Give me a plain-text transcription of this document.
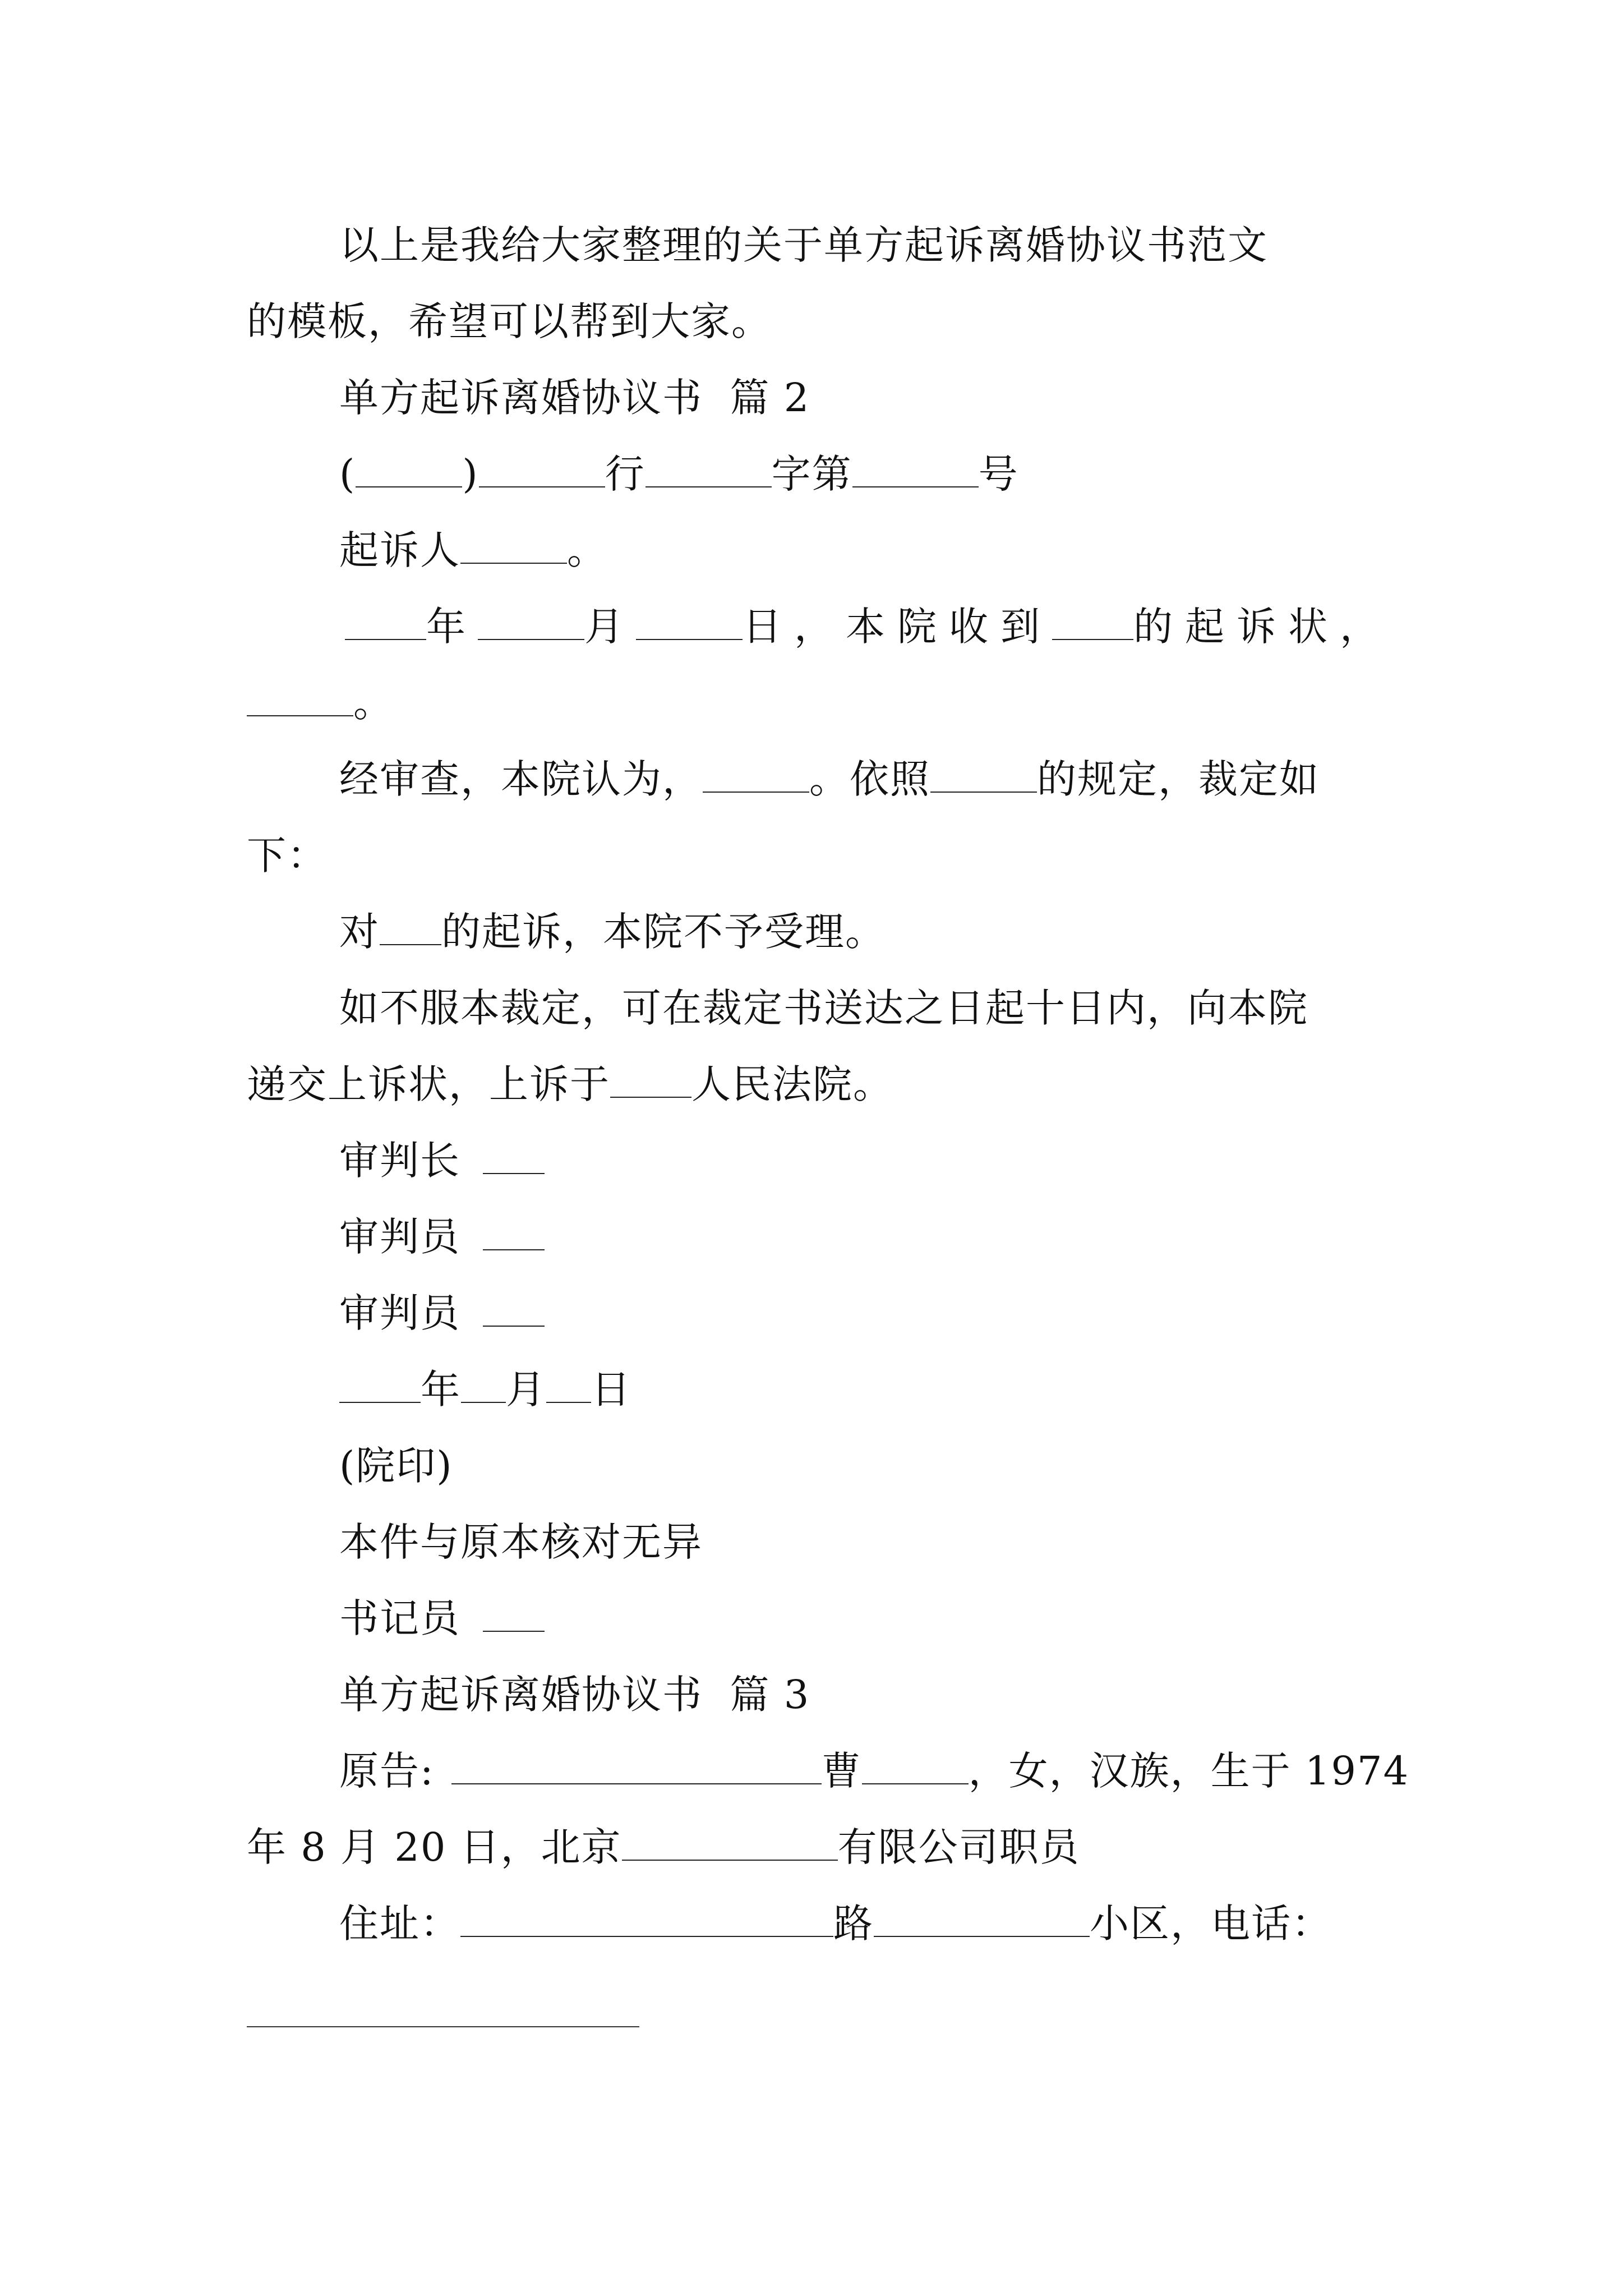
以上是我给大家整理的关于单方起诉离婚协议书范文
的模板，希望可以帮到大家。
单方起诉离婚协议书  篇 2
(	)	行	字第	号
起诉人	。
年	月	日，本院收到 的起诉状，
。
经审查，本院认为，	。依照	的规定，裁定如
下：
对 的起诉，本院不予受理。
如不服本裁定，可在裁定书送达之日起十日内，向本院
递交上诉状，上诉于 人民法院。
审判长
审判员
审判员
年 月 日
(院印)
本件与原本核对无异
书记员
单方起诉离婚协议书  篇 3
原告:	曹	，女，汉族，生于 1974
年 8 月 20 日，北京	有限公司职员
住址：	路	小区，电话：
